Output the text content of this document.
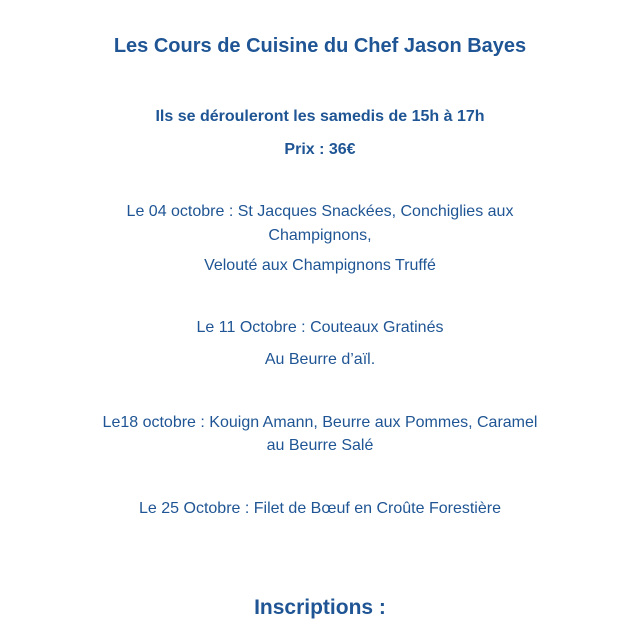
Les Cours de Cuisine du Chef Jason Bayes
Ils se dérouleront les samedis de 15h à 17h
Prix : 36€
Le 04 octobre : St Jacques Snackées, Conchiglies aux
Champignons,
Velouté aux Champignons Truffé
Le 11 Octobre : Couteaux Gratinés
Au Beurre d’aïl.
Le18 octobre : Kouign Amann, Beurre aux Pommes, Caramel
au Beurre Salé
Le 25 Octobre : Filet de Bœuf en Croûte Forestière
Inscriptions :
